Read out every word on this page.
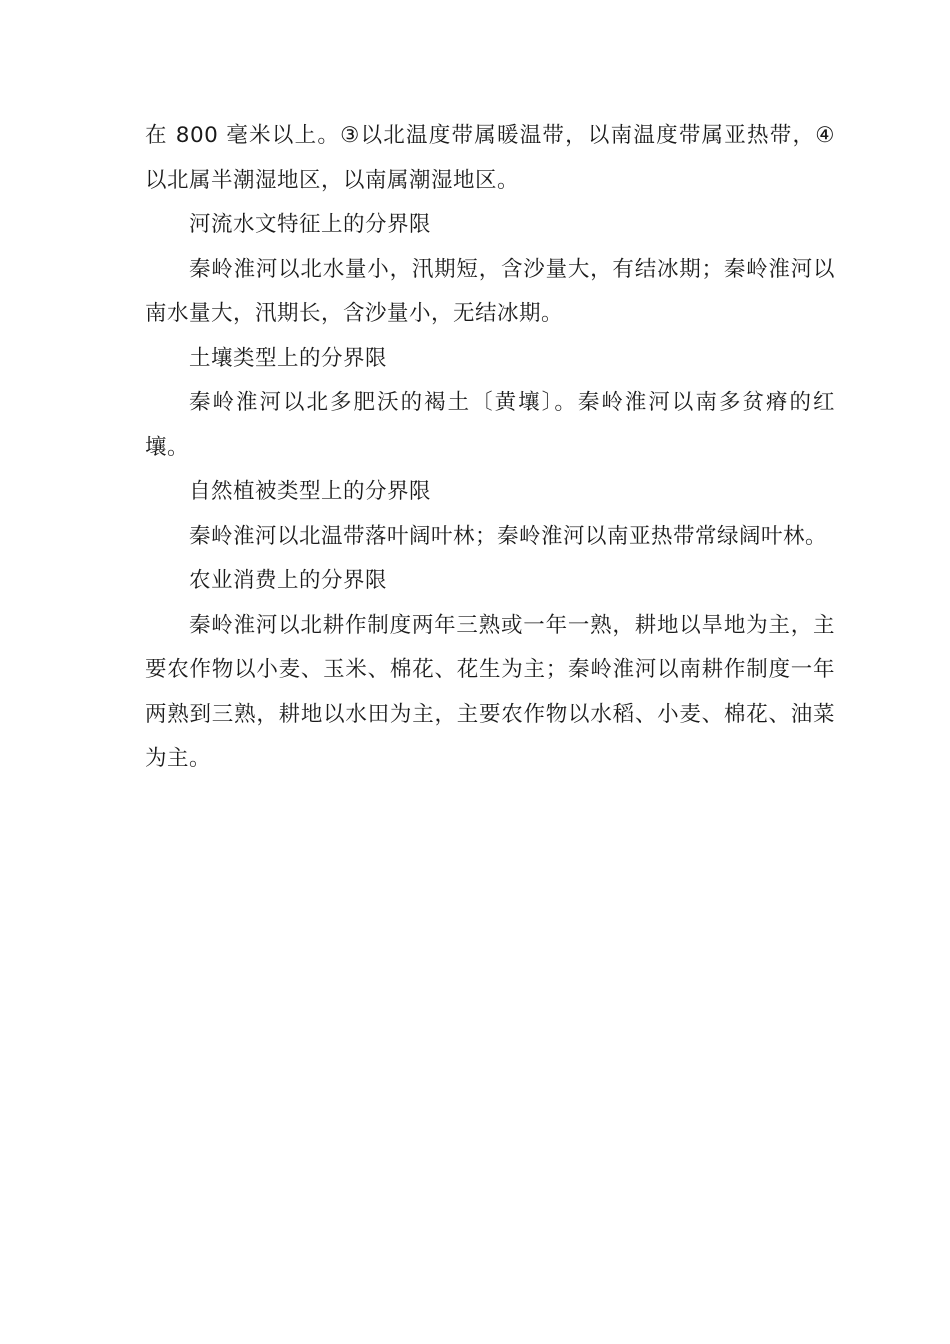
在 800 毫米以上。③以北温度带属暖温带，以南温度带属亚热带，④以北属半潮湿地区，以南属潮湿地区。

河流水文特征上的分界限

秦岭淮河以北水量小，汛期短，含沙量大，有结冰期；秦岭淮河以南水量大，汛期长，含沙量小，无结冰期。

土壤类型上的分界限

秦岭淮河以北多肥沃的褐土〔黄壤〕。秦岭淮河以南多贫瘠的红壤。

自然植被类型上的分界限

秦岭淮河以北温带落叶阔叶林；秦岭淮河以南亚热带常绿阔叶林。

农业消费上的分界限

秦岭淮河以北耕作制度两年三熟或一年一熟，耕地以旱地为主，主要农作物以小麦、玉米、棉花、花生为主；秦岭淮河以南耕作制度一年两熟到三熟，耕地以水田为主，主要农作物以水稻、小麦、棉花、油菜为主。
